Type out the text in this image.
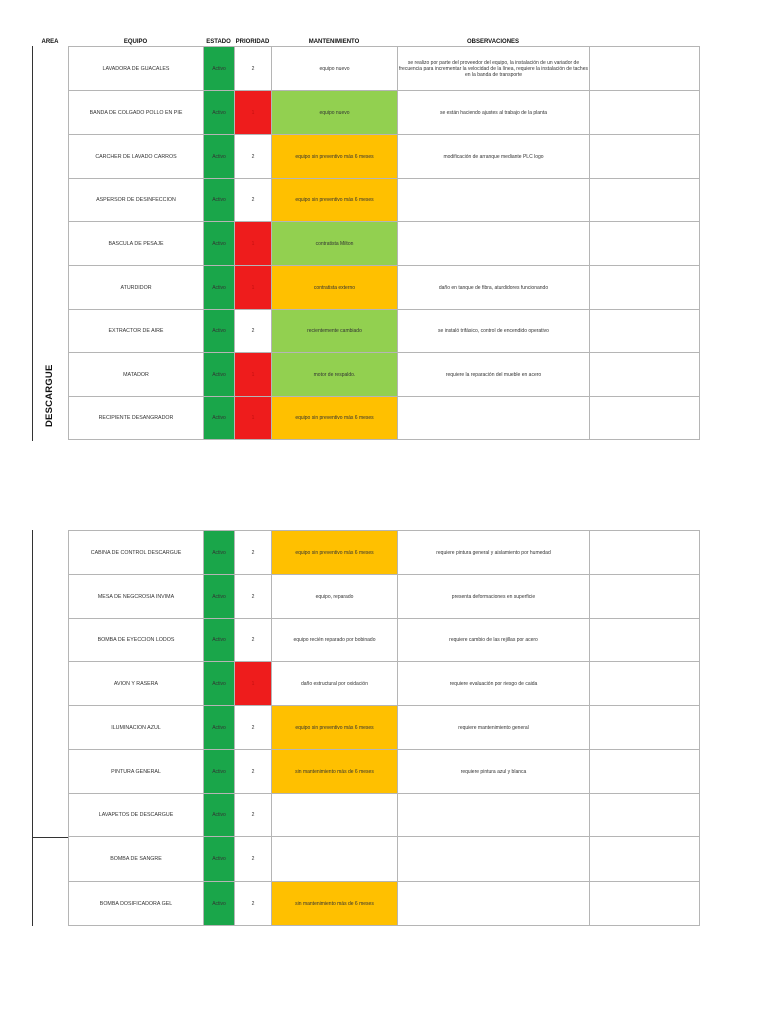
AREA	EQUIPO	ESTADO PRIORIDAD	MANTENIMIENTO	OBSERVACIONES
DESCARGUE
LAVADORA DE GUACALES	Activo	2	equipo nuevo	se realizo por parte del proveedor del equipo, la instalación de un variador de frecuencia para incrementar la velocidad de la línea, requiere la instalación de taches en la banda de transporte	
BANDA DE COLGADO POLLO EN PIE	Activo	1	equipo nuevo	se están haciendo ajustes al trabajo de la planta	
CARCHER DE LAVADO CARROS	Activo	2	equipo sin preventivo más 6 meses	modificación de arranque mediante PLC logo	
ASPERSOR DE DESINFECCION	Activo	2	equipo sin preventivo más 6 meses		
BASCULA DE PESAJE	Activo	1	contratista Milton		
ATURDIDOR	Activo	1	contratista externo	daño en tanque de fibra, aturdidores funcionando	
EXTRACTOR DE AIRE	Activo	2	recientemente cambiado	se instaló trifásico, control de encendido operativo	
MATADOR	Activo	1	motor de respaldo.	requiere la reparación del mueble en acero	
RECIPIENTE DESANGRADOR	Activo	1	equipo sin preventivo más 6 meses		
CABINA DE CONTROL DESCARGUE	Activo	2	equipo sin preventivo más 6 meses	requiere pintura general y aislamiento por humedad	
MESA DE NEGCROSIA INVIMA	Activo	2	equipo, reparado	presenta deformaciones en superficie	
BOMBA DE EYECCION LODOS	Activo	2	equipo recién reparado por bobinado	requiere cambio de las rejillas por acero	
AVION Y RASERA	Activo	1	daño estructural por oxidación	requiere evaluación por riesgo de caida	
ILUMINACION AZUL	Activo	2	equipo sin preventivo más 6 meses	requiere mantenimiento general	
PINTURA GENERAL	Activo	2	sin mantenimiento más de 6 meses	requiere pintura azul y blanca	
LAVAPETOS DE DESCARGUE	Activo	2			
BOMBA DE SANGRE	Activo	2			
BOMBA DOSIFICADORA GEL	Activo	2	sin mantenimiento más de 6 meses		
